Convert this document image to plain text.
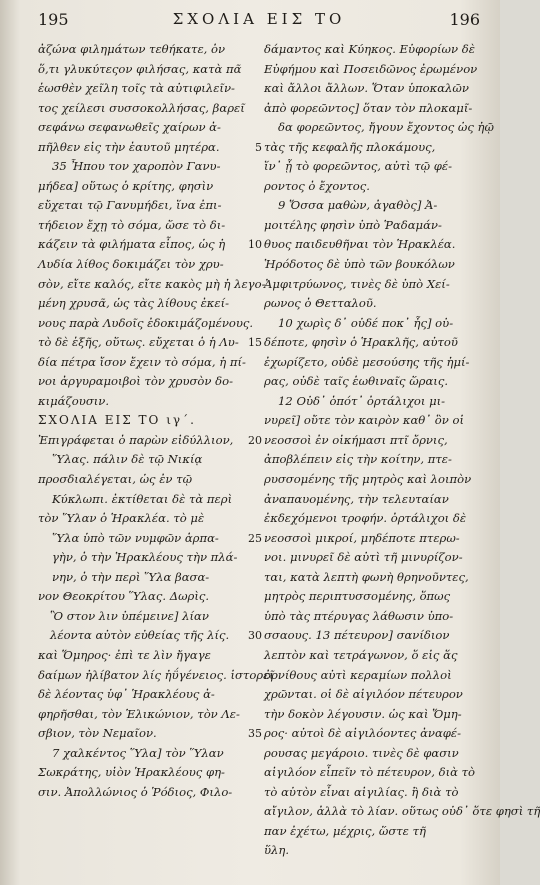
195	ΣΧΟΛΙΑ ΕΙΣ ΤΟ	196
ἀζώνα φιλημάτων τεθήκατε, ὁν
ὅ,τι γλυκύτεςον φιλήσας, κατὰ πᾶ
ἑωσθὲν χεῖλη τοῖς τὰ αὐτιφιλεῖν-
τος χείλεσι συσσοκολλήσας, βαρεῖ
σεφάνω σεφανωθεῖς χαίρων ἀ-
πῆλθεν εἰς τὴν ἑαυτοῦ μητέρα.
35 Ἦπου τον χαροπὸν Γανυ-
μήδεα] οὕτως ὁ κρίτης, φησὶν
εὔχεται τῷ Γανυμήδει, ἵνα ἐπι-
τήδειον ἔχῃ τὸ σόμα, ὥσε τὸ δι-
κάζειν τὰ φιλήματα εἶπος, ὡς ἡ
Λυδία λίθος δοκιμάζει τὸν χρυ-
σὸν, εἴτε καλός, εἴτε κακὸς μὴ ἡ λεγο-
μένη χρυσᾶ, ὡς τὰς λίθους ἐκεί-
νους παρὰ Λυδοῖς ἐδοκιμάζομένους.
τὸ δὲ ἑξῆς, οὕτως. εὔχεται ὁ ἡ Λυ-
δία πέτρα ἴσον ἔχειν τὸ σόμα, ἡ πί-
νοι ἀργυραμοιβοὶ τὸν χρυσὸν δο-
κιμάζουσιν.
ΣΧΟΛΙΑ ΕΙΣ ΤΟ ιγ´.
Ἐπιγράφεται ὁ παρὼν εἰδύλλιον,
Ὕλας. πάλιν δὲ τῷ Νικίᾳ
προσδιαλέγεται, ὡς ἐν τῷ
Κύκλωπι. ἐκτίθεται δὲ τὰ περὶ
τὸν Ὕλαν ὁ Ἡρακλέα. τὸ μὲ
Ὕλα ὑπὸ τῶν νυμφῶν ἁρπα-
γὴν, ὁ τὴν Ἡρακλέους τὴν πλά-
νην, ὁ τὴν περὶ Ὕλα βασα-
νον Θεοκρίτου Ὕλας. Δωρὶς.
Ὃ στον λιν ὑπέμεινε] λίαν
λέοντα αὐτὸν εὐθείας τῆς λίς.
καὶ Ὅμηρος· ἐπὶ τε λὶν ἤγαγε
δαίμων ἠλίβατον λίς ἠΰγένειος. ἱστορεῖ
δὲ λέοντας ὑφ᾽ Ἡρακλέους ἀ-
φηρῆσθαι, τὸν Ἑλικώνιον, τὸν Λε-
σβιον, τὸν Νεμαῖον.
7 χαλκέντος Ὕλα] τὸν Ὕλαν
Σωκράτης, υἱὸν Ἡρακλέους φη-
σιν. Ἀπολλώνιος ὁ Ῥόδιος, Φιλο-
δάμαντος καὶ Κύηκος. Εὐφορίων δὲ
Εὐφήμου καὶ Ποσειδῶνος ἐρωμένον
καὶ ἄλλοι ἄλλων. Ὅταν ὑποκαλῶν
ἀπὸ φορεῶντος] ὅταν τὸν πλοκαμῖ-
δα φορεῶντος, ἤγουν ἔχοντος ὡς ἠῷ
5 τὰς τῆς κεφαλῆς πλοκάμους,
ἵν᾽ ᾖ τὸ φορεῶντος, αὐτὶ τῷ φέ-
ροντος ὁ ἔχοντος.
9 Ὅσσα μαθὼν, ἀγαθὸς] Ἀ-
μοιτέλης φησὶν ὑπὸ Ῥαδαμάν-
10 θυος παιδευθῆναι τὸν Ἡρακλέα.
Ἡρόδοτος δὲ ὑπὸ τῶν βουκόλων
Ἀμφιτρύωνος, τινὲς δὲ ὑπὸ Χεί-
ρωνος ὁ Θετταλοῦ.
10 χωρὶς δ᾽ οὐδέ ποκ᾽ ἦς] οὐ-
15 δέποτε, φησὶν ὁ Ἡρακλῆς, αὐτοῦ
ἐχωρίζετο, οὐδὲ μεσούσης τῆς ἡμί-
ρας, οὐδὲ ταῖς ἑωθιναῖς ὥραις.
12 Οὐδ᾽ ὁπότ᾽ ὀρτάλιχοι μι-
νυρεῖ] οὔτε τὸν καιρὸν καθ᾽ ὃν οἱ
20 νεοσσοὶ ἐν οἰκήμασι πτῖ ὄρνις,
ἀποβλέπειν εἰς τὴν κοίτην, πτε-
ρυσσομένης τῆς μητρὸς καὶ λοιπὸν
ἀναπαυομένης, τὴν τελευταίαν
ἐκδεχόμενοι τροφήν. ὀρτάλιχοι δὲ
25 νεοσσοὶ μικροί, μηδέποτε πτερω-
νοι. μινυρεῖ δὲ αὐτὶ τῆ μινυρίζον-
ται, κατὰ λεπτὴ φωνὴ θρηνοῦντες,
μητρὸς περιπτυσσομένης, ὅπως
ὑπὸ τὰς πτέρυγας λάθωσιν ὑπο-
30 σσαους. 13 πέτευρον] σανίδιον
λεπτὸν καὶ τετράγωνον, ὅ εἰς ἅς
ὀρνίθους αὐτὶ κεραμίων πολλοὶ
χρῶνται. οἱ δὲ αἰγιλόον πέτευρον
τὴν δοκὸν λέγουσιν. ὡς καὶ Ὅμη-
35 ρος· αὐτοὶ δὲ αἰγιλόοντες ἀναφέ-
ρουσας μεγάροιο. τινὲς δὲ φασιν
αἰγιλόον εἶπεῖν τὸ πέτευρον, διὰ τὸ
τὸ αὐτὸν εἶναι αἰγιλίας. ἢ διὰ τὸ
αἴγιλον, ἀλλὰ τὸ λίαν. οὕτως οὐδ᾽ ὅτε φησὶ τῆ
παν ἐχέτω, μέχρις, ὥστε τῆ
ὕλη.
